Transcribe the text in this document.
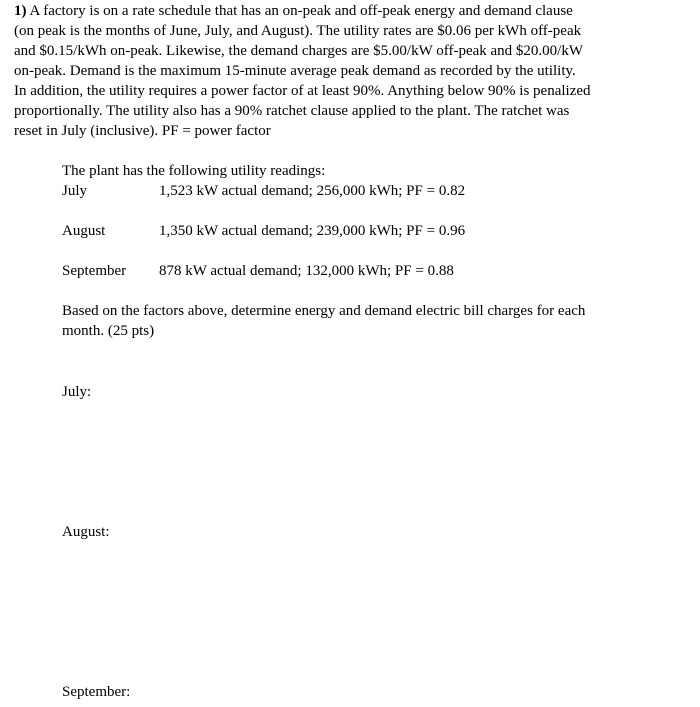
1) A factory is on a rate schedule that has an on-peak and off-peak energy and demand clause

(on peak is the months of June, July, and August). The utility rates are $0.06 per kWh off-peak

and $0.15/kWh on-peak. Likewise, the demand charges are $5.00/kW off-peak and $20.00/kW

on-peak. Demand is the maximum 15-minute average peak demand as recorded by the utility.

In addition, the utility requires a power factor of at least 90%. Anything below 90% is penalized

proportionally. The utility also has a 90% ratchet clause applied to the plant. The ratchet was

reset in July (inclusive). PF = power factor

The plant has the following utility readings:
July	1,523 kW actual demand; 256,000 kWh; PF = 0.82
August	1,350 kW actual demand; 239,000 kWh; PF = 0.96
September 878 kW actual demand; 132,000 kWh; PF = 0.88
Based on the factors above, determine energy and demand electric bill charges for each
month. (25 pts)
July:
August:
September:
